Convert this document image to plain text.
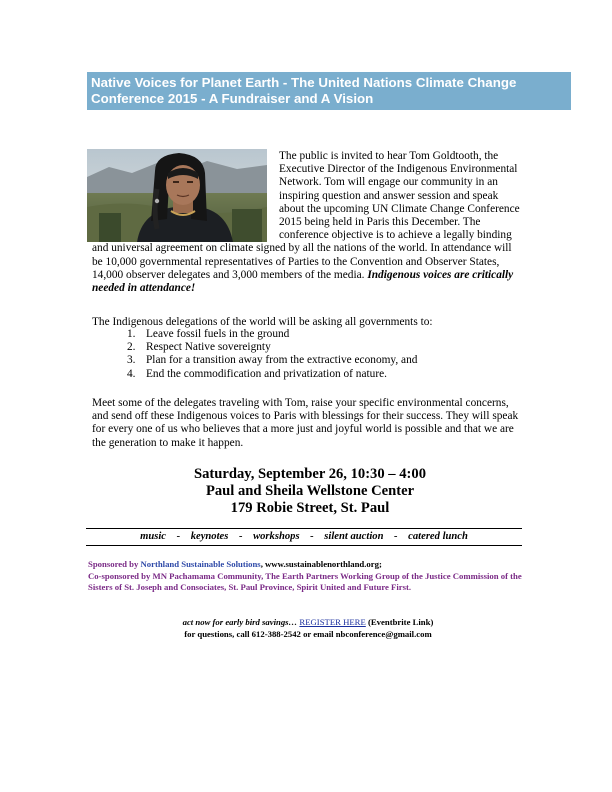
Native Voices for Planet Earth - The United Nations Climate Change Conference 2015 - A Fundraiser and A Vision
The public is invited to hear Tom Goldtooth, the Executive Director of the Indigenous Environmental Network. Tom will engage our community in an inspiring question and answer session and speak about the upcoming UN Climate Change Conference 2015 being held in Paris this December. The conference objective is to achieve a legally binding and universal agreement on climate signed by all the nations of the world. In attendance will be 10,000 governmental representatives of Parties to the Convention and Observer States, 14,000 observer delegates and 3,000 members of the media. Indigenous voices are critically needed in attendance!
The Indigenous delegations of the world will be asking all governments to:
1. Leave fossil fuels in the ground
2. Respect Native sovereignty
3. Plan for a transition away from the extractive economy, and
4. End the commodification and privatization of nature.
Meet some of the delegates traveling with Tom, raise your specific environmental concerns, and send off these Indigenous voices to Paris with blessings for their success. They will speak for every one of us who believes that a more just and joyful world is possible and that we are the generation to make it happen.
Saturday, September 26, 10:30 – 4:00
Paul and Sheila Wellstone Center
179 Robie Street, St. Paul
music    -    keynotes    -    workshops    -    silent auction    -    catered lunch
Sponsored by Northland Sustainable Solutions, www.sustainablenorthland.org;
Co-sponsored by MN Pachamama Community, The Earth Partners Working Group of the Justice Commission of the Sisters of St. Joseph and Consociates, St. Paul Province, Spirit United and Future First.
act now for early bird savings… REGISTER HERE (Eventbrite Link)
for questions, call 612-388-2542 or email nbconference@gmail.com
